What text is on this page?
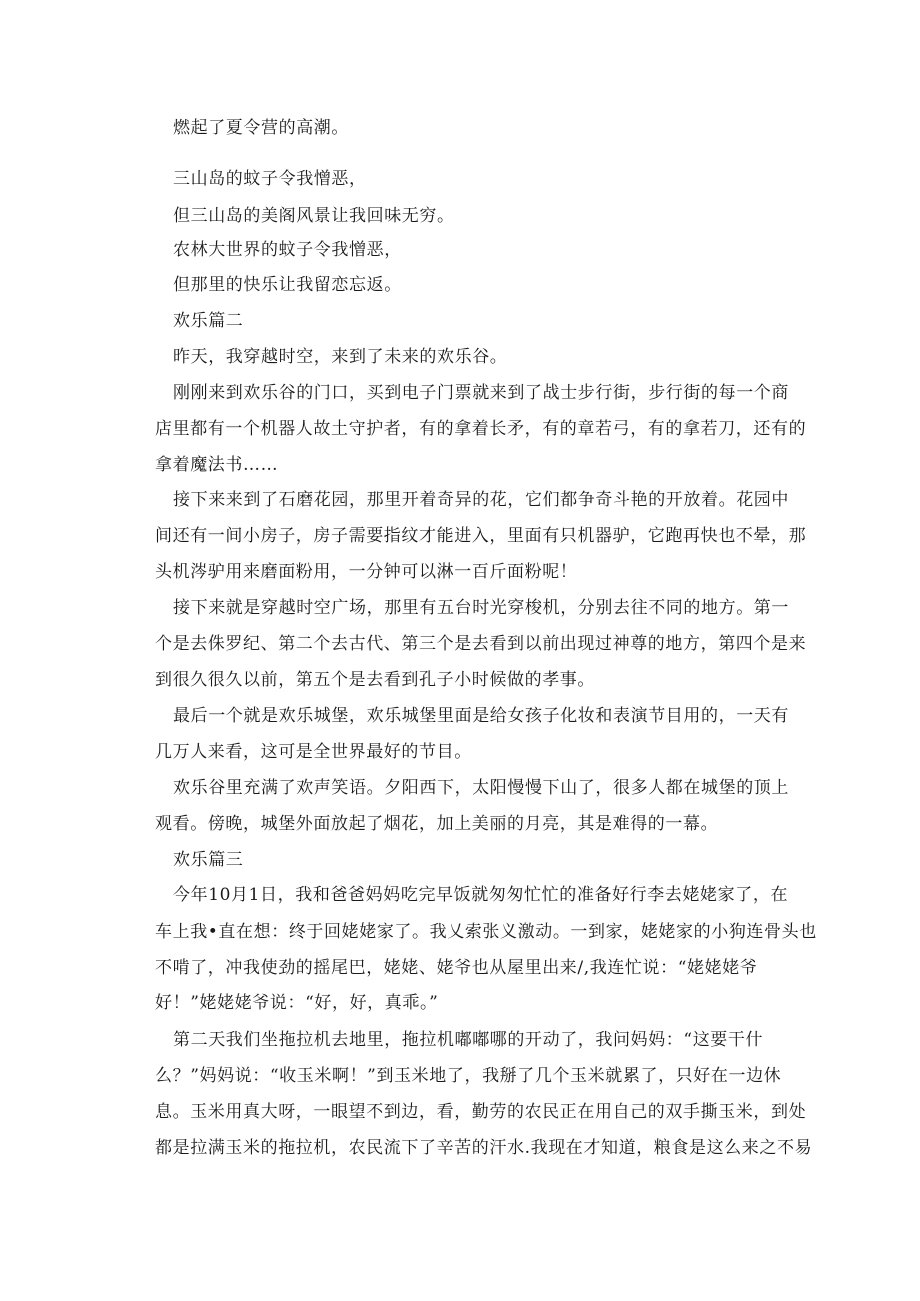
燃起了夏令营的高潮。
三山岛的蚊子令我憎恶，
但三山岛的美阁风景让我回味无穷。
农林大世界的蚊子令我憎恶，
但那里的快乐让我留恋忘返。
欢乐篇二
昨天，我穿越时空，来到了未来的欢乐谷。
刚刚来到欢乐谷的门口，买到电子门票就来到了战士步行街，步行街的每一个商
店里都有一个机器人故土守护者，有的拿着长矛，有的章若弓，有的拿若刀，还有的
拿着魔法书……
接下来来到了石磨花园，那里开着奇异的花，它们都争奇斗艳的开放着。花园中
间还有一间小房子，房子需要指纹才能进入，里面有只机器驴，它跑再快也不晕，那
头机涔驴用来磨面粉用，一分钟可以淋一百斤面粉呢！
接下来就是穿越时空广场，那里有五台时光穿梭机，分别去往不同的地方。第一
个是去侏罗纪、第二个去古代、第三个是去看到以前出现过神尊的地方，第四个是来
到很久很久以前，第五个是去看到孔子小时候做的孝事。
最后一个就是欢乐城堡，欢乐城堡里面是给女孩子化妆和表演节目用的，一天有
几万人来看，这可是全世界最好的节目。
欢乐谷里充满了欢声笑语。夕阳西下，太阳慢慢下山了，很多人都在城堡的顶上
观看。傍晚，城堡外面放起了烟花，加上美丽的月亮，其是难得的一幕。
欢乐篇三
今年10月1日，我和爸爸妈妈吃完早饭就匆匆忙忙的准备好行李去姥姥家了，在
车上我•直在想：终于回姥姥家了。我乂索张义激动。一到家，姥姥家的小狗连骨头也
不啃了，冲我使劲的摇尾巴，姥姥、姥爷也从屋里出来/,我连忙说：“姥姥姥爷
好！”姥姥姥爷说：“好，好，真乖。”
第二天我们坐拖拉机去地里，拖拉机嘟嘟哪的开动了，我问妈妈：“这要干什
么？”妈妈说：“收玉米啊！”到玉米地了，我掰了几个玉米就累了，只好在一边休
息。玉米用真大呀，一眼望不到边，看，勤劳的农民正在用自己的双手撕玉米，到处
都是拉满玉米的拖拉机，农民流下了辛苦的汗水.我现在才知道，粮食是这么来之不易
